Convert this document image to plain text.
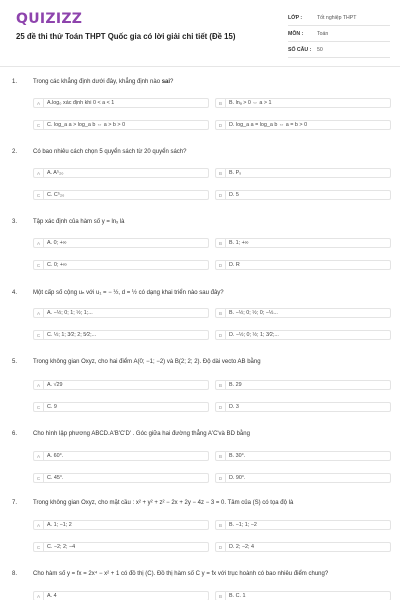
QUIZIZZ
25 đề thi thử Toán THPT Quốc gia có lời giải chi tiết (Đề 15)
LỚP :	Tốt nghiệp THPT
MÔN :	Toán
SỐ CÂU :	50
1.	Trong các khẳng định dưới đây, khẳng định nào sai?
A	A.log₀ xác định khi 0 < a < 1	B	B. lnₐ > 0 ⇔ a > 1
C	C. log_a a > log_a b ⇔ a > b > 0	D	D. log_a a = log_a b ⇔ a = b > 0
2.	Có bao nhiêu cách chọn 5 quyển sách từ 20 quyển sách?
A	A. A⁵₂₀	B	B. P₅
C	C. C⁵₂₀	D	D. 5
3.	Tập xác định của hàm số y = lnₓ là
A	A. 0; +∞	B	B. 1; +∞
C	C. 0; +∞	D	D. R
4.	Một cấp số cộng uₙ với u₁ = − ½, d = ½ có dạng khai triển nào sau đây?
A	A. −½; 0; 1; ½; 1;...	B	B. −½; 0; ½; 0; −½...
C	C. ½; 1; 3⁄2; 2; 5⁄2;...	D	D. −½; 0; ½; 1; 3⁄2;...
5.	Trong không gian Oxyz, cho hai điểm A(0; −1; −2) và B(2; 2; 2). Độ dài vecto AB bằng
A	A. √29	B	B. 29
C	C. 9	D	D. 3
6.	Cho hình lập phương ABCD.A'B'C'D' . Góc giữa hai đường thẳng A'C'và BD bằng
A	A. 60°.	B	B. 30°.
C	C. 45°.	D	D. 90°.
7.	Trong không gian Oxyz, cho mặt cầu : x² + y² + z² − 2x + 2y − 4z − 3 = 0. Tâm của (S) có tọa độ là
A	A. 1; −1; 2	B	B. −1; 1; −2
C	C. −2; 2; −4	D	D. 2; −2; 4
8.	Cho hàm số y = fx = 2x⁴ − x² + 1 có đồ thị (C). Đồ thị hàm số C y = fx với trục hoành có bao nhiêu điểm chung?
A	A. 4	B	B. C. 1
